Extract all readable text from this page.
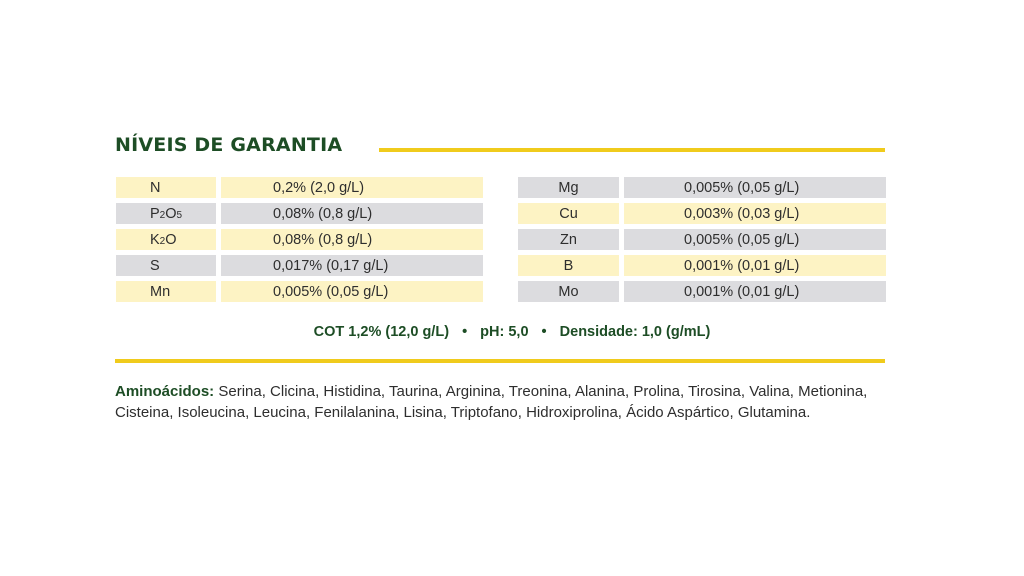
NÍVEIS DE GARANTIA
N	0,2% (2,0 g/L)
P2O5	0,08% (0,8 g/L)
K2O	0,08% (0,8 g/L)
S	0,017% (0,17 g/L)
Mn	0,005% (0,05 g/L)
Mg	0,005% (0,05 g/L)
Cu	0,003% (0,03 g/L)
Zn	0,005% (0,05 g/L)
B	0,001% (0,01 g/L)
Mo	0,001% (0,01 g/L)
COT 1,2% (12,0 g/L) • pH: 5,0 • Densidade: 1,0 (g/mL)
Aminoácidos: Serina, Clicina, Histidina, Taurina, Arginina, Treonina, Alanina, Prolina, Tirosina, Valina, Metionina, Cisteina, Isoleucina, Leucina, Fenilalanina, Lisina, Triptofano, Hidroxiprolina, Ácido Aspártico, Glutamina.
